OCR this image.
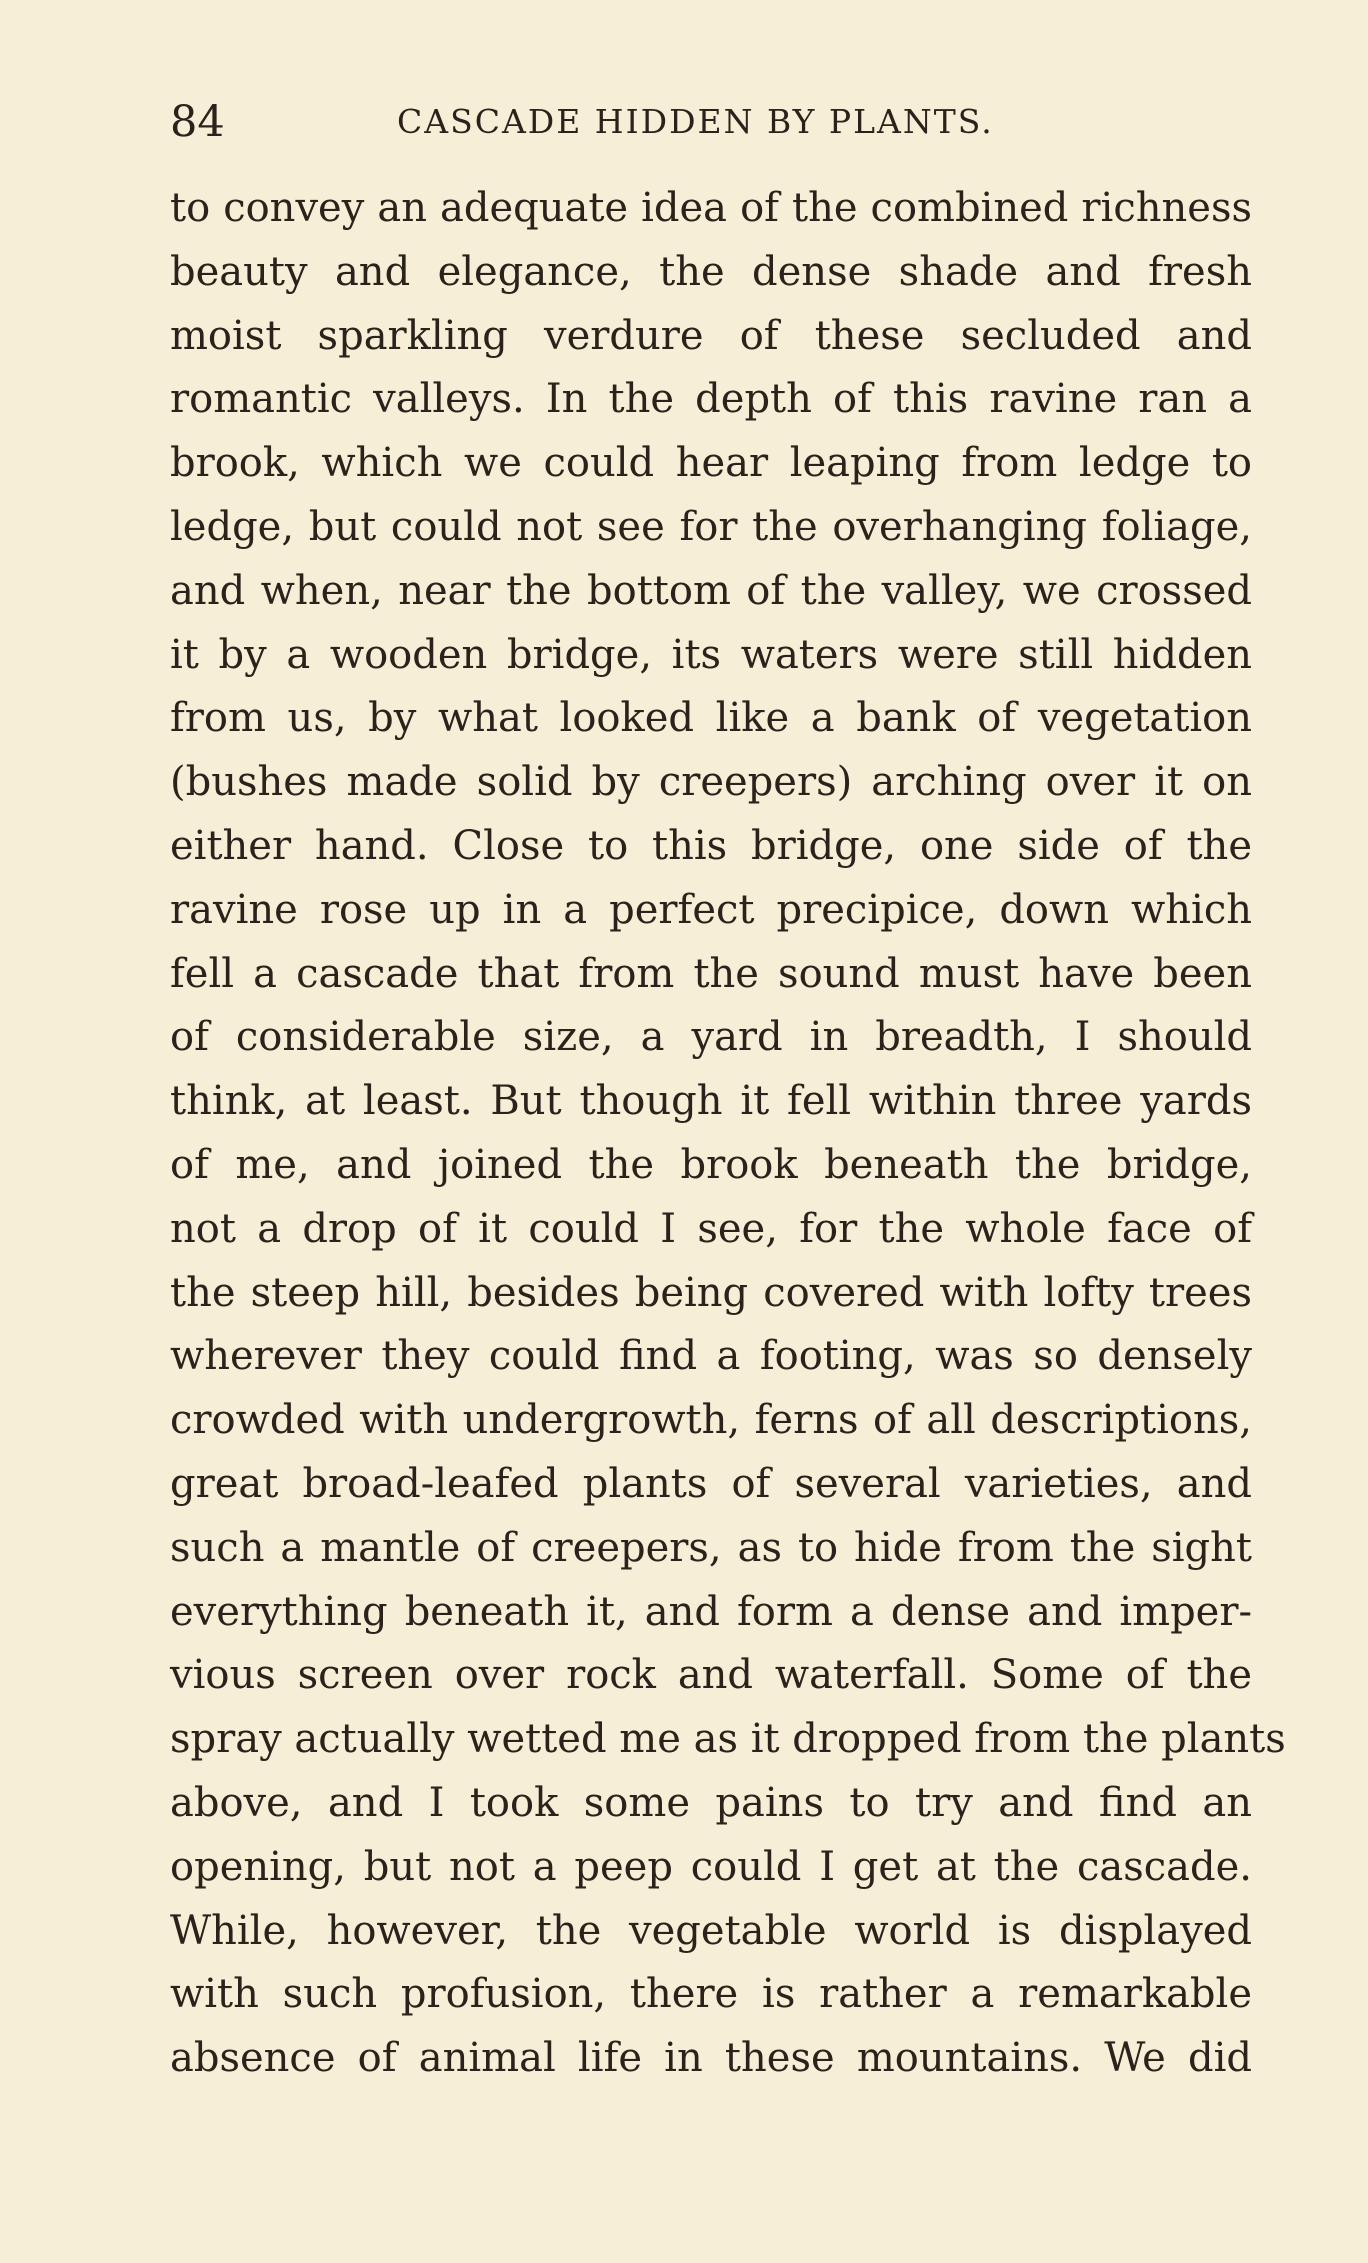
84	CASCADE HIDDEN BY PLANTS.
to convey an adequate idea of the combined richness
beauty and elegance, the dense shade and fresh
moist sparkling verdure of these secluded and
romantic valleys. In the depth of this ravine ran a
brook, which we could hear leaping from ledge to
ledge, but could not see for the overhanging foliage,
and when, near the bottom of the valley, we crossed
it by a wooden bridge, its waters were still hidden
from us, by what looked like a bank of vegetation
(bushes made solid by creepers) arching over it on
either hand. Close to this bridge, one side of the
ravine rose up in a perfect precipice, down which
fell a cascade that from the sound must have been
of considerable size, a yard in breadth, I should
think, at least. But though it fell within three yards
of me, and joined the brook beneath the bridge,
not a drop of it could I see, for the whole face of
the steep hill, besides being covered with lofty trees
wherever they could find a footing, was so densely
crowded with undergrowth, ferns of all descriptions,
great broad-leafed plants of several varieties, and
such a mantle of creepers, as to hide from the sight
everything beneath it, and form a dense and imper-
vious screen over rock and waterfall. Some of the
spray actually wetted me as it dropped from the plants
above, and I took some pains to try and find an
opening, but not a peep could I get at the cascade.
While, however, the vegetable world is displayed
with such profusion, there is rather a remarkable
absence of animal life in these mountains. We did
